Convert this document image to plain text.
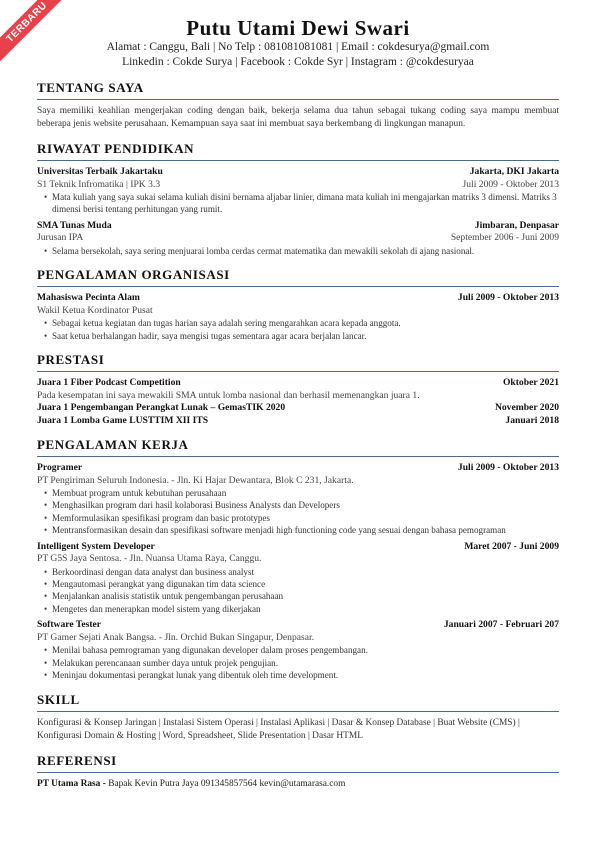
TERBARU	Putu Utami Dewi Swari
Alamat : Canggu, Bali | No Telp : 081081081081 | Email : cokdesurya@gmail.com
Linkedin : Cokde Surya | Facebook : Cokde Syr | Instagram : @cokdesuryaa
TENTANG SAYA
Saya memiliki keahlian mengerjakan coding dengan baik, bekerja selama dua tahun sebagai tukang coding saya mampu membuat beberapa jenis website perusahaan. Kemampuan saya saat ini membuat saya berkembang di lingkungan manapun.
RIWAYAT PENDIDIKAN
Universitas Terbaik Jakartaku	Jakarta, DKI Jakarta
S1 Teknik Infromatika | IPK 3.3	Juli 2009 - Oktober 2013
• Mata kuliah yang saya sukai selama kuliah disini bernama aljabar linier, dimana mata kuliah ini mengajarkan matriks 3 dimensi. Matriks 3 dimensi berisi tentang perhitungan yang rumit.
SMA Tunas Muda	Jimbaran, Denpasar
Jurusan IPA	September 2006 - Juni 2009
• Selama bersekolah, saya sering menjuarai lomba cerdas cermat matematika dan mewakili sekolah di ajang nasional.
PENGALAMAN ORGANISASI
Mahasiswa Pecinta Alam	Juli 2009 - Oktober 2013
Wakil Ketua Kordinator Pusat
• Sebagai ketua kegiatan dan tugas harian saya adalah sering mengarahkan acara kepada anggota.
• Saat ketua berhalangan hadir, saya mengisi tugas sementara agar acara berjalan lancar.
PRESTASI
Juara 1 Fiber Podcast Competition	Oktober 2021
Pada kesempatan ini saya mewakili SMA untuk lomba nasional dan berhasil memenangkan juara 1.
Juara 1 Pengembangan Perangkat Lunak – GemasTIK 2020	November 2020
Juara 1 Lomba Game LUSTTIM XII ITS	Januari 2018
PENGALAMAN KERJA
Programer	Juli 2009 - Oktober 2013
PT Pengiriman Seluruh Indonesia. - Jln. Ki Hajar Dewantara, Blok C 231, Jakarta.
• Membuat program untuk kebutuhan perusahaan
• Menghasilkan program dari hasil kolaborasi Business Analysts dan Developers
• Memformulasikan spesifikasi program dan basic prototypes
• Mentransformasikan desain dan spesifikasi software menjadi high functioning code yang sesuai dengan bahasa pemograman
Intelligent System Developer	Maret 2007 - Juni 2009
PT G5S Jaya Sentosa. - Jln. Nuansa Utama Raya, Canggu.
• Berkoordinasi dengan data analyst dan business analyst
• Mengautomasi perangkat yang digunakan tim data science
• Menjalankan analisis statistik untuk pengembangan perusahaan
• Mengetes dan menerapkan model sistem yang dikerjakan
Software Tester	Januari 2007 - Februari 207
PT Gamer Sejati Anak Bangsa. - Jln. Orchid Bukan Singapur, Denpasar.
• Menilai bahasa pemrograman yang digunakan developer dalam proses pengembangan.
• Melakukan perencanaan sumber daya untuk projek pengujian.
• Meninjau dokumentasi perangkat lunak yang dibentuk oleh time development.
SKILL
Konfigurasi & Konsep Jaringan | Instalasi Sistem Operasi | Instalasi Aplikasi | Dasar & Konsep Database | Buat Website (CMS) | Konfigurasi Domain & Hosting | Word, Spreadsheet, Slide Presentation | Dasar HTML
REFERENSI
PT Utama Rasa - Bapak Kevin Putra Jaya 091345857564 kevin@utamarasa.com
